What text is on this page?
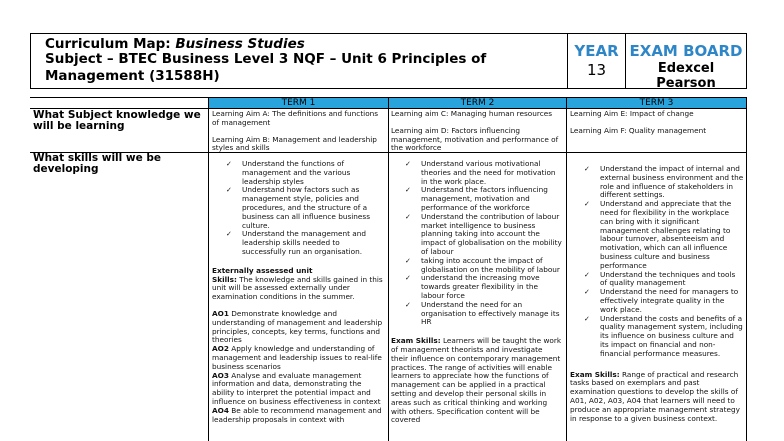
Curriculum Map: Business Studies
Subject – BTEC Business Level 3 NQF – Unit 6 Principles of Management (31588H)
YEAR
13
EXAM BOARD
Edexcel Pearson
TERM 1	TERM 2	TERM 3
What Subject knowledge we will be learning
What skills will we be developing

Learning Aim A: The definitions and functions of management

Learning Aim B: Management and leadership styles and skills

Learning aim C: Managing human resources

Learning aim D: Factors influencing management, motivation and performance of the workforce

Learning Aim E: Impact of change

Learning Aim F: Quality management

✓ Understand the functions of management and the various leadership styles
✓ Understand how factors such as management style, policies and procedures, and the structure of a business can all influence business culture.
✓ Understand the management and leadership skills needed to successfully run an organisation.

Externally assessed unit

Skills: The knowledge and skills gained in this unit will be assessed externally under examination conditions in the summer.

AO1 Demonstrate knowledge and understanding of management and leadership principles, concepts, key terms, functions and theories

AO2 Apply knowledge and understanding of management and leadership issues to real-life

business scenarios

AO3 Analyse and evaluate management information and data, demonstrating the ability to interpret the potential impact and influence on business effectiveness in context

AO4 Be able to recommend management and leadership proposals in context with

✓ Understand various motivational theories and the need for motivation in the work place.
✓ Understand the factors influencing management, motivation and performance of the workforce
✓ Understand the contribution of labour market intelligence to business planning taking into account the impact of globalisation on the mobility of labour
✓ taking into account the impact of globalisation on the mobility of labour
✓ understand the increasing move towards greater flexibility in the labour force
✓ Understand the need for an organisation to effectively manage its HR

Exam Skills: Learners will be taught the work of management theorists and investigate

their influence on contemporary management practices. The range of activities will enable learners to appreciate how the functions of management can be applied in a practical setting and develop their personal skills in areas such as critical thinking and working with others. Specification content will be covered

✓ Understand the impact of internal and external business environment and the role and influence of stakeholders in different settings.
✓ Understand and appreciate that the need for flexibility in the workplace can bring with it significant management challenges relating to labour turnover, absenteeism and motivation, which can all influence business culture and business performance
✓ Understand the techniques and tools of quality management
✓ Understand the need for managers to effectively integrate quality in the work place.
✓ Understand the costs and benefits of a quality management system, including its influence on business culture and its impact on financial and non-financial performance measures.

Exam Skills: Range of practical and research tasks based on exemplars and past examination questions to develop the skills of A01, A02, A03, A04 that learners will need to produce an appropriate management strategy in response to a given business context.
